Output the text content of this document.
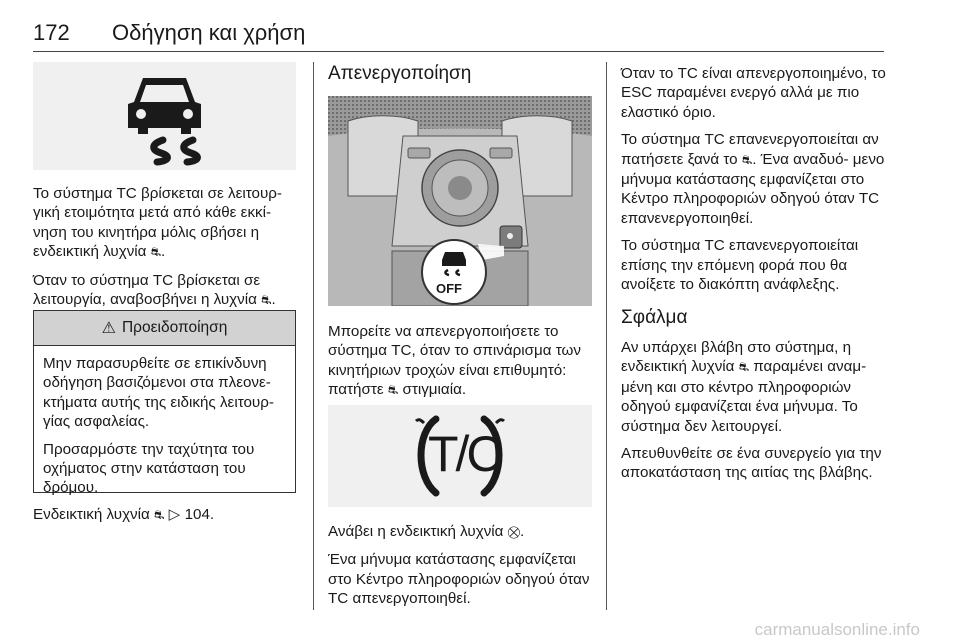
172 Οδήγηση και χρήση

Το σύστημα TC βρίσκεται σε λειτουρ‐ γική ετοιμότητα μετά από κάθε εκκί‐ νηση του κινητήρα μόλις σβήσει η ενδεικτική λυχνία ⛐.

Όταν το σύστημα TC βρίσκεται σε λειτουργία, αναβοσβήνει η λυχνία ⛐.

⚠ Προειδοποίηση

Μην παρασυρθείτε σε επικίνδυνη οδήγηση βασιζόμενοι στα πλεονε‐ κτήματα αυτής της ειδικής λειτουρ‐ γίας ασφαλείας.

Προσαρμόστε την ταχύτητα του οχήματος στην κατάσταση του δρόμου.

Ενδεικτική λυχνία ⛐ ▷ 104.

Απενεργοποίηση
OFF

Μπορείτε να απενεργοποιήσετε το σύστημα TC, όταν το σπινάρισμα των κινητήριων τροχών είναι επιθυμητό: πατήστε ⛐ στιγμιαία.

T/C

Ανάβει η ενδεικτική λυχνία ⛒.

Ένα μήνυμα κατάστασης εμφανίζεται στο Κέντρο πληροφοριών οδηγού όταν TC απενεργοποιηθεί.

Όταν το TC είναι απενεργοποιημένο, το ESC παραμένει ενεργό αλλά με πιο ελαστικό όριο.

Το σύστημα TC επανενεργοποιείται αν πατήσετε ξανά το ⛐. Ένα αναδυό‐ μενο μήνυμα κατάστασης εμφανίζεται στο Κέντρο πληροφοριών οδηγού όταν TC επανενεργοποιηθεί.

Το σύστημα TC επανενεργοποιείται επίσης την επόμενη φορά που θα ανοίξετε το διακόπτη ανάφλεξης.

Σφάλμα

Αν υπάρχει βλάβη στο σύστημα, η ενδεικτική λυχνία ⛐ παραμένει αναμ‐ μένη και στο κέντρο πληροφοριών οδηγού εμφανίζεται ένα μήνυμα. Το σύστημα δεν λειτουργεί.

Απευθυνθείτε σε ένα συνεργείο για την αποκατάσταση της αιτίας της βλάβης.

carmanualsonline.info
